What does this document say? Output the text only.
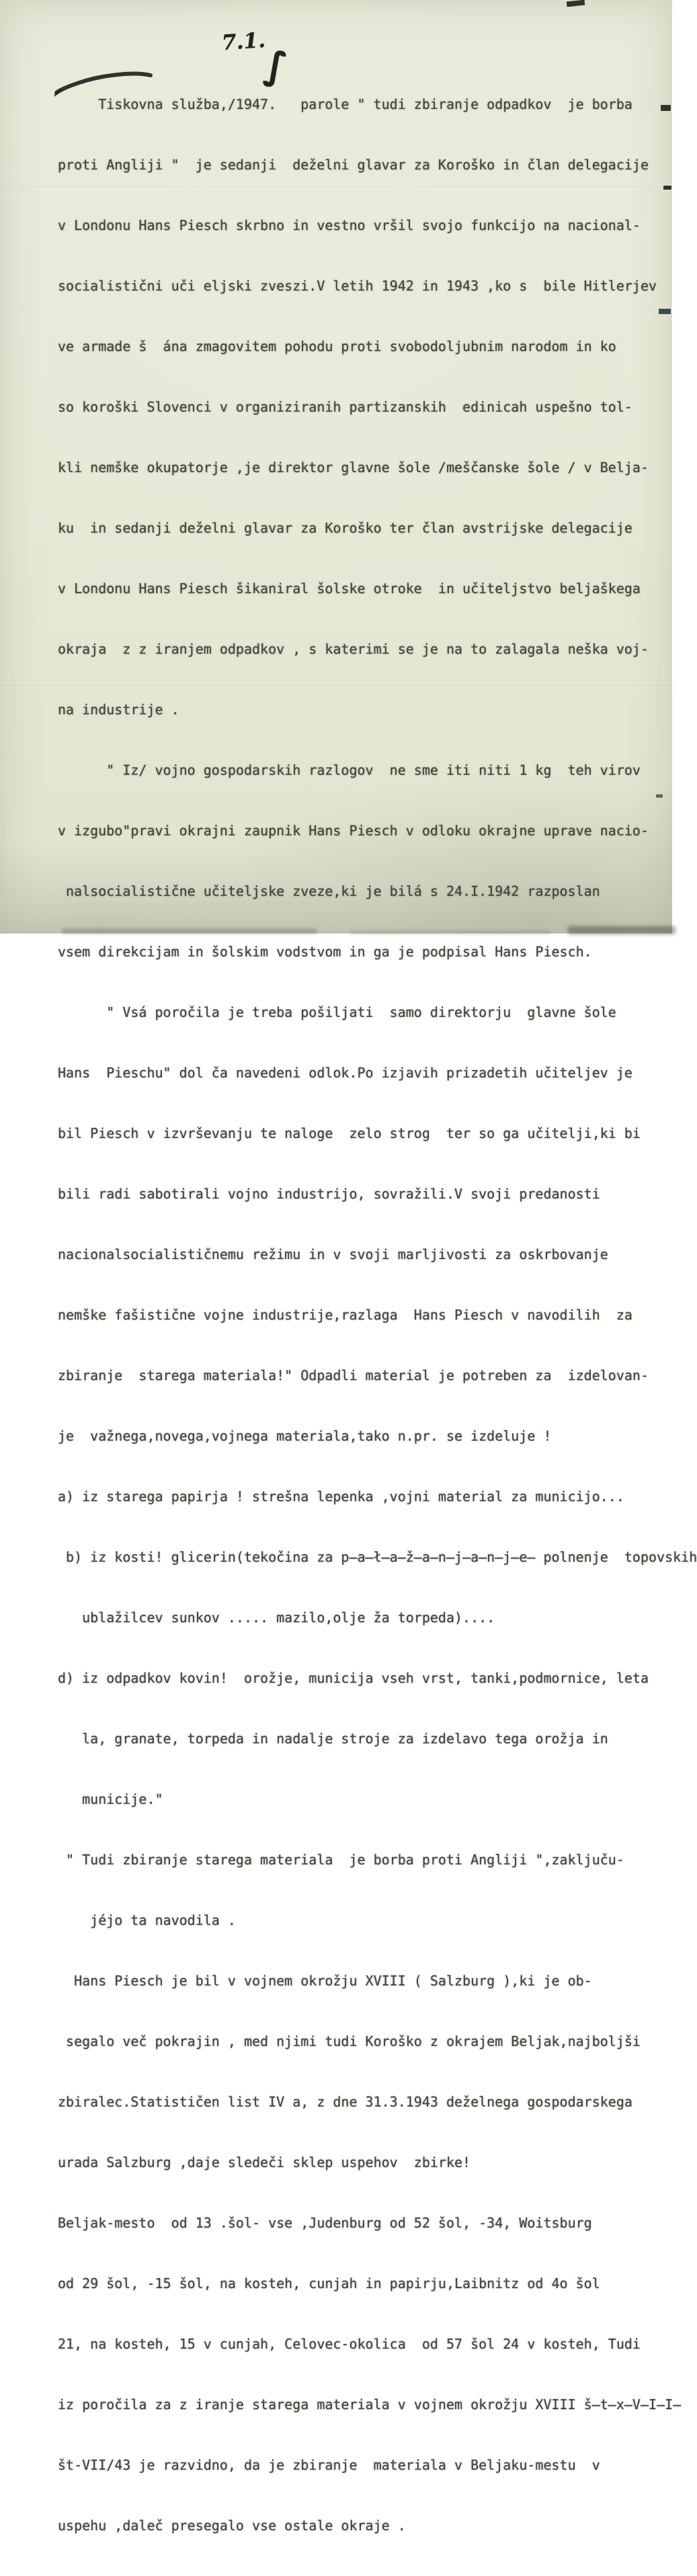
7.1.
∫

Tiskovna služba,/1947.   parole " tudi zbiranje odpadkov  je borba

proti Angliji "  je sedanji  deželni glavar za Koroško in član delegacije

v Londonu Hans Piesch skrbno in vestno vršil svojo funkcijo na nacional-

socialistični uči eljski zveszi.V letih 1942 in 1943 ,ko s  bile Hitlerjev

ve armade š  ána zmagovitem pohodu proti svobodoljubnim narodom in ko

so koroški Slovenci v organiziranih partizanskih  edinicah uspešno tol-

kli nemške okupatorje ,je direktor glavne šole /meščanske šole / v Belja-

ku  in sedanji deželni glavar za Koroško ter član avstrijske delegacije

v Londonu Hans Piesch šikaniral šolske otroke  in učiteljstvo beljaškega

okraja  z z iranjem odpadkov , s katerimi se je na to zalagala neška voj-

na industrije .

" Iz/ vojno gospodarskih razlogov  ne sme iti niti 1 kg  teh virov

v izgubo"pravi okrajni zaupnik Hans Piesch v odloku okrajne uprave nacio-

nalsocialistične učiteljske zveze,ki je bilá s 24.I.1942 razposlan

vsem direkcijam in šolskim vodstvom in ga je podpisal Hans Piesch.

" Vsá poročila je treba pošiljati  samo direktorju  glavne šole

Hans  Pieschu" dol ča navedeni odlok.Po izjavih prizadetih učiteljev je

bil Piesch v izvrševanju te naloge  zelo strog  ter so ga učitelji,ki bi

bili radi sabotirali vojno industrijo, sovražili.V svoji predanosti

nacionalsocialističnemu režimu in v svoji marljivosti za oskrbovanje

nemške fašistične vojne industrije,razlaga  Hans Piesch v navodilih  za

zbiranje  starega materiala!" Odpadli material je potreben za  izdelovan-

je  važnega,novega,vojnega materiala,tako n.pr. se izdeluje !

a) iz starega papirja ! strešna lepenka ,vojni material za municijo...

b) iz kosti! glicerin(tekočina za p̶a̶ł̶a̶ž̶a̶n̶j̶a̶n̶j̶e̶ polnenje  topovskih

ublažilcev sunkov ..... mazilo,olje ža torpeda)....

d) iz odpadkov kovin!  orožje, municija vseh vrst, tanki,podmornice, leta

la, granate, torpeda in nadalje stroje za izdelavo tega orožja in

municije."

" Tudi zbiranje starega materiala  je borba proti Angliji ",zaključu-

jéjo ta navodila .

Hans Piesch je bil v vojnem okrožju XVIII ( Salzburg ),ki je ob-

segalo več pokrajin , med njimi tudi Koroško z okrajem Beljak,najboljši

zbiralec.Statističen list IV a, z dne 31.3.1943 deželnega gospodarskega

urada Salzburg ,daje sledeči sklep uspehov  zbirke!

Beljak-mesto  od 13 .šol- vse ,Judenburg od 52 šol, -34, Woitsburg

od 29 šol, -15 šol, na kosteh, cunjah in papirju,Laibnitz od 4o šol

21, na kosteh, 15 v cunjah, Celovec-okolica  od 57 šol 24 v kosteh, Tudi

iz poročila za z iranje starega materiala v vojnem okrožju XVIII š̶t̶x̶V̶I̶I̶

št-VII/43 je razvidno, da je zbiranje  materiala v Beljaku-mestu  v

uspehu ,daleč presegalo vse ostale okraje .
